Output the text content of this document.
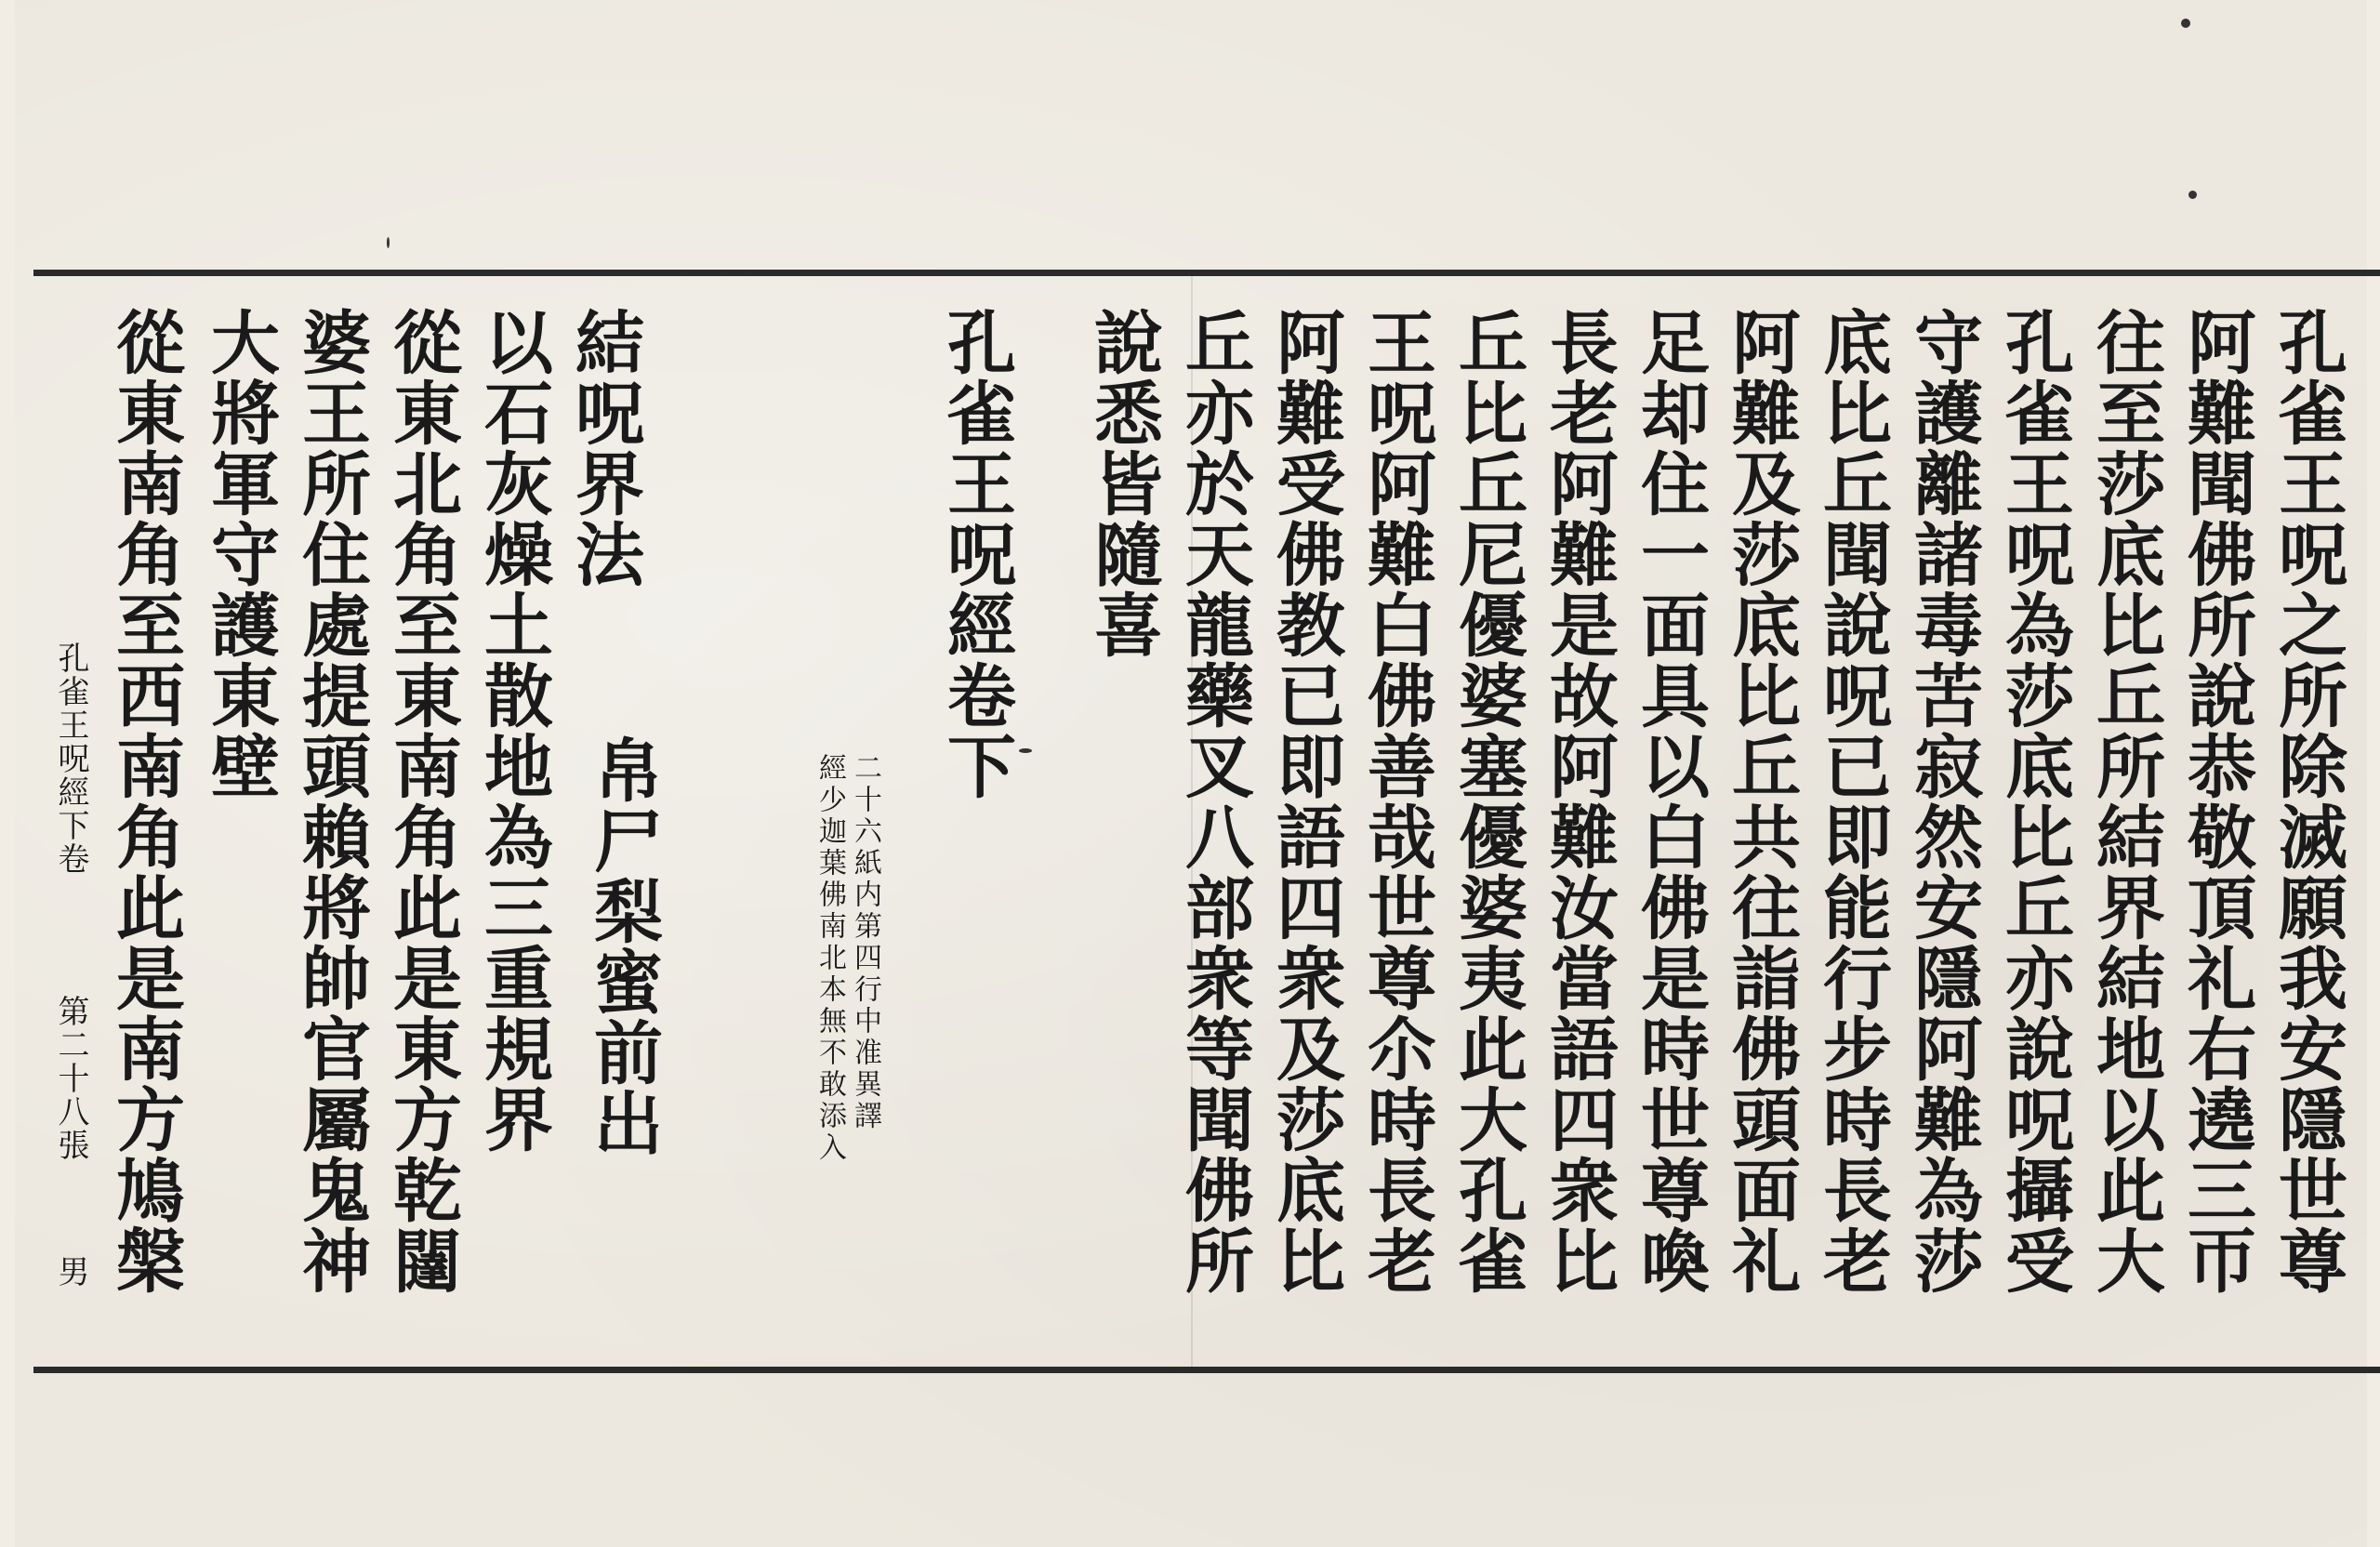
孔雀王呪之所除滅願我安隱世尊

阿難聞佛所說恭敬頂礼右遶三帀

往至莎底比丘所結界結地以此大

孔雀王呪為莎底比丘亦說呪攝受

守護離諸毒苦寂然安隱阿難為莎

底比丘聞說呪已即能行步時長老

阿難及莎底比丘共往詣佛頭面礼

足却住一面具以白佛是時世尊喚

長老阿難是故阿難汝當語四衆比

丘比丘尼優婆塞優婆夷此大孔雀

王呪阿難白佛善哉世尊尒時長老

阿難受佛教已即語四衆及莎底比

丘亦於天龍藥叉八部衆等聞佛所

說悉皆隨喜

孔雀王呪經卷下

二十六紙内第四行中准異譯

經少迦葉佛南北本無不敢添入

結呪界法

帛尸梨蜜前出

以石灰燥土散地為三重規界

從東北角至東南角此是東方乾闥

婆王所住處提頭賴將帥官屬鬼神

大將軍守護東壁

從東南角至西南角此是南方鳩槃

孔雀王呪經下卷

第二十八張

男
